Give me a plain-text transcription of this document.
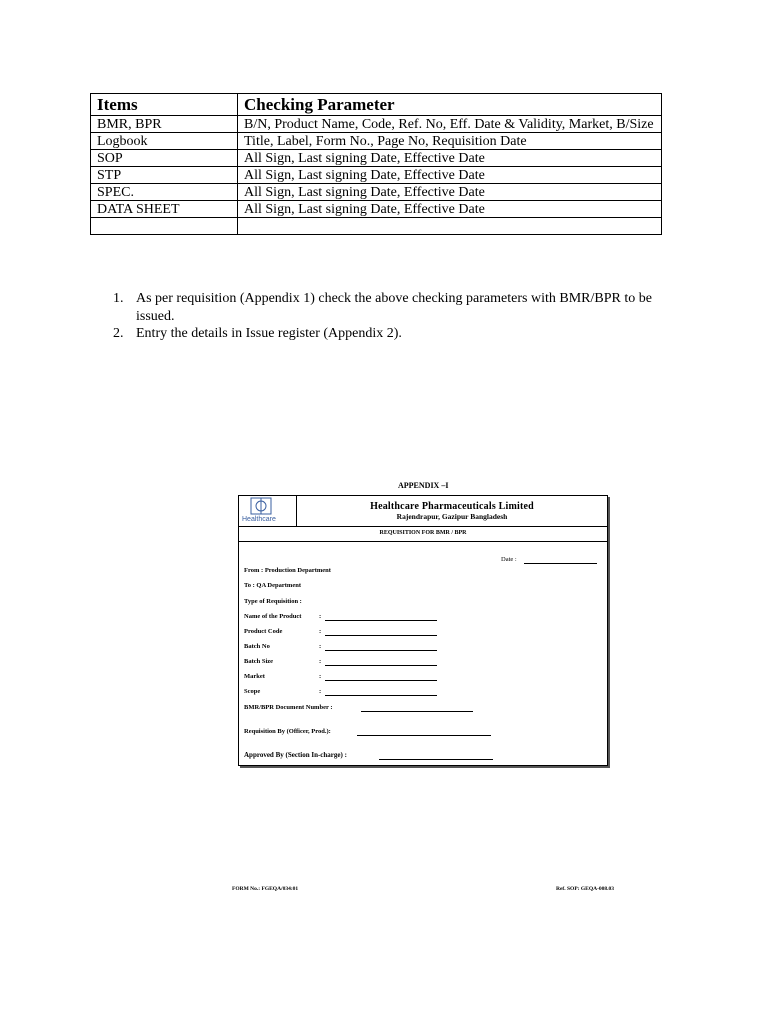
Items	Checking Parameter
BMR, BPR	B/N, Product Name, Code, Ref. No, Eff. Date & Validity, Market, B/Size
Logbook	Title, Label, Form No., Page No, Requisition Date
SOP	All Sign, Last signing Date, Effective Date
STP	All Sign, Last signing Date, Effective Date
SPEC.	All Sign, Last signing Date, Effective Date
DATA SHEET	All Sign, Last signing Date, Effective Date

1. As per requisition (Appendix 1) check the above checking parameters with BMR/BPR to be issued.
2. Entry the details in Issue register (Appendix 2).
APPENDIX –I
Healthcare
Healthcare Pharmaceuticals Limited
Rajendrapur, Gazipur Bangladesh
REQUISITION FOR BMR / BPR
Date :
From : Production Department
To : QA Department
Type of Requisition :
Name of the Product	:
Product Code	:
Batch No	:
Batch Size	:
Market	:
Scope	:
BMR/BPR Document Number :
Requisition By (Officer, Prod.):
Approved By (Section In-charge) :
FORM No.: FGEQA/034:01	Ref. SOP: GEQA-008.03
